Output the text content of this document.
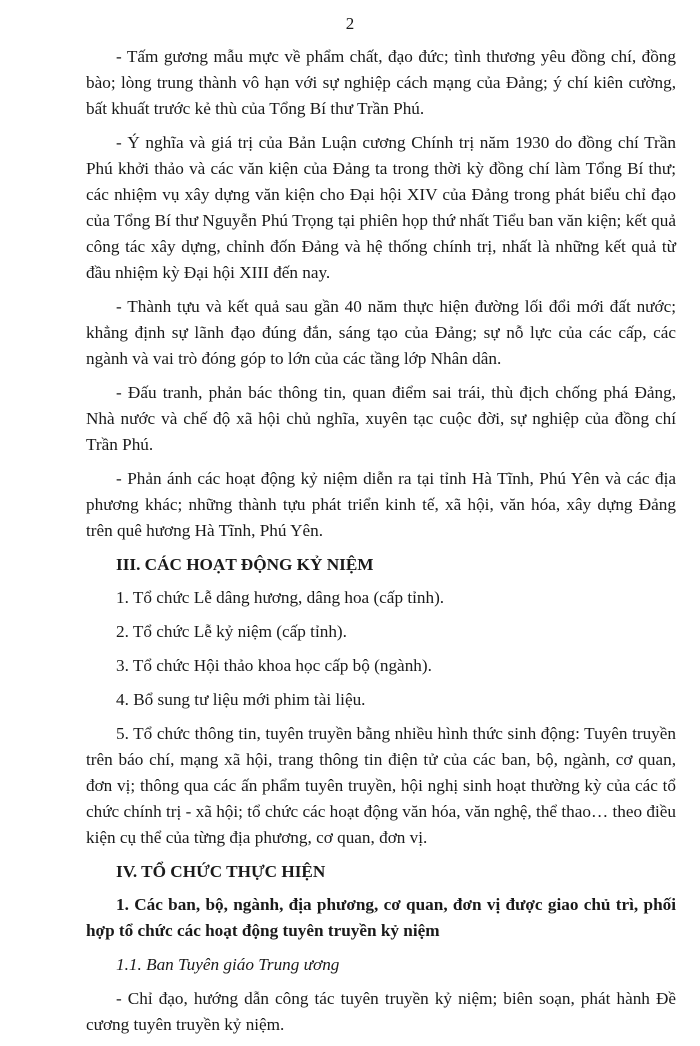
2

- Tấm gương mẫu mực về phẩm chất, đạo đức; tình thương yêu đồng chí, đồng bào; lòng trung thành vô hạn với sự nghiệp cách mạng của Đảng; ý chí kiên cường, bất khuất trước kẻ thù của Tổng Bí thư Trần Phú.

- Ý nghĩa và giá trị của Bản Luận cương Chính trị năm 1930 do đồng chí Trần Phú khởi thảo và các văn kiện của Đảng ta trong thời kỳ đồng chí làm Tổng Bí thư; các nhiệm vụ xây dựng văn kiện cho Đại hội XIV của Đảng trong phát biểu chỉ đạo của Tổng Bí thư Nguyễn Phú Trọng tại phiên họp thứ nhất Tiểu ban văn kiện; kết quả công tác xây dựng, chỉnh đốn Đảng và hệ thống chính trị, nhất là những kết quả từ đầu nhiệm kỳ Đại hội XIII đến nay.

- Thành tựu và kết quả sau gần 40 năm thực hiện đường lối đổi mới đất nước; khẳng định sự lãnh đạo đúng đắn, sáng tạo của Đảng; sự nỗ lực của các cấp, các ngành và vai trò đóng góp to lớn của các tầng lớp Nhân dân.

- Đấu tranh, phản bác thông tin, quan điểm sai trái, thù địch chống phá Đảng, Nhà nước và chế độ xã hội chủ nghĩa, xuyên tạc cuộc đời, sự nghiệp của đồng chí Trần Phú.

- Phản ánh các hoạt động kỷ niệm diễn ra tại tỉnh Hà Tĩnh, Phú Yên và các địa phương khác; những thành tựu phát triển kinh tế, xã hội, văn hóa, xây dựng Đảng trên quê hương Hà Tĩnh, Phú Yên.

III. CÁC HOẠT ĐỘNG KỶ NIỆM

1. Tổ chức Lễ dâng hương, dâng hoa (cấp tỉnh).

2. Tổ chức Lễ kỷ niệm (cấp tỉnh).

3. Tổ chức Hội thảo khoa học cấp bộ (ngành).

4. Bổ sung tư liệu mới phim tài liệu.

5. Tổ chức thông tin, tuyên truyền bằng nhiều hình thức sinh động: Tuyên truyền trên báo chí, mạng xã hội, trang thông tin điện tử của các ban, bộ, ngành, cơ quan, đơn vị; thông qua các ấn phẩm tuyên truyền, hội nghị sinh hoạt thường kỳ của các tổ chức chính trị - xã hội; tổ chức các hoạt động văn hóa, văn nghệ, thể thao… theo điều kiện cụ thể của từng địa phương, cơ quan, đơn vị.

IV. TỔ CHỨC THỰC HIỆN

1. Các ban, bộ, ngành, địa phương, cơ quan, đơn vị được giao chủ trì, phối hợp tổ chức các hoạt động tuyên truyền kỷ niệm

1.1. Ban Tuyên giáo Trung ương

- Chỉ đạo, hướng dẫn công tác tuyên truyền kỷ niệm; biên soạn, phát hành Đề cương tuyên truyền kỷ niệm.
